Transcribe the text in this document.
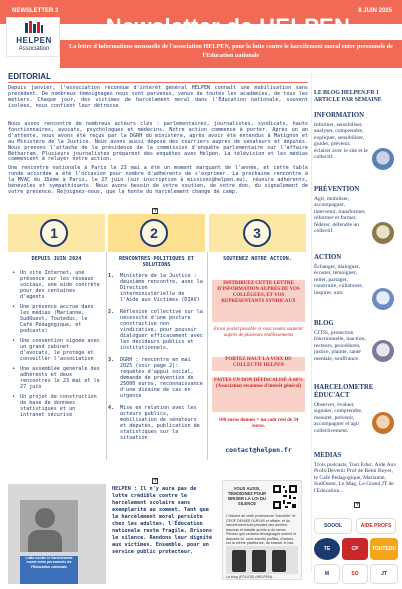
NEWSLETTER 3	8 JUIN 2025
Newsletter de HELPEN
HELPEN
Association	La lettre d'informations mensuelle de l'association HELPEN, pour la lutte contre le harcèlement moral entre personnels de l'Education nationale
EDITORIAL
Depuis janvier, l'association reconnue d'intérêt général HELPEN connaît une mobilisation sans précédent. De nombreux témoignages nous sont parvenus, venus de toutes les académies, de tous les métiers. Chaque jour, des victimes de harcèlement moral dans l'Éducation nationale, souvent isolées, nous confient leur détresse.
Nous avons rencontré de nombreux acteurs clés : parlementaires, journalistes, syndicats, hauts fonctionnaires, avocats, psychologues et médecins. Notre action commence à porter. Après un an d'attente, nous avons été reçus par la DGRH du ministère, après avoir été entendus à Matignon et au Ministère de la Justice. Nous avons aussi déposé des courriers auprès de sénateurs et députés. Nous prenons l'attache de la présidence de la commission d'enquête parlementaire sur l'affaire Bétharram. Plusieurs journalistes préparent des enquêtes avec Helpen. La télévision et les médias commencent à relayer notre action.
Une rencontre nationale à Paris le 23 mai a été un moment marquant de l'année, et cette table ronde accordée a été l'occasion pour nombre d'adhérents de s'exprimer. La prochaine rencontre à la MVAC du 15ème à Paris, le 27 juin (sur inscription à missions@helpen.eu), réunira adhérents, bénévoles et sympathisants. Nous avons besoin de votre soutien, de votre don, du signalement de votre présence. Rejoignez-nous, que la honte du harcèlement change de camp.
+
1	2	3
DEPUIS JUIN 2024	RENCONTRES POLITIQUES ET SOLUTIONS
SOUTENEZ NOTRE ACTION.
• Un site Internet, une présence sur les réseaux sociaux, une aide concrète pour des centaines d'agents
• Une présence accrue dans les médias (Marianne, SudOuest, Touteduc, le Café Pédagogique, et podcasts)
• Une convention signée avec un grand cabinet d'avocats, le protège et conseiller l'association
• Une assemblée générale des adhérents et deux rencontres le 23 mai et le 27 juin
• Un projet de construction de base de données statistiques et un intranet sécurisé
1.	Ministère de la Justice : deuxième rencontre, avec la Direction interministérielle de l'Aide aux Victimes (DIAV)
2.	Réflexion collective sur la nécessité d'une posture constructive non vindicative, pour pouvoir dialoguer efficacement avec les décideurs publics et institutionnels.
3.	DGRH : rencontre en mai 2025 (voir page 2): requêtes d'appui social, demande de prévention de 25000 euros, reconnaissance d'une dizaine de cas en urgence
4.	Mise en relation avec les acteurs publics, mobilisation de sénateurs et députés, publication de statistiques sur la situation
DISTRIBUEZ CETTE LETTRE D'INFORMATION AUPRÈS DE VOS COLLÈGUES, ET VOS REPRÉSENTANTS SYNDICAUX
Envoi postal possible si vous voulez soutenir auprès de plusieurs établissements
PORTEZ HAUT LA VOIX DU COLLECTIF HELPEN
FAITES UN DON DÉFISCALISÉ À 66% (Association reconnue d'intérêt général)
100 euros donnés = un coût réel de 34 euros.
contact@helpen.fr
+
Lutte contre le harcèlement moral entre personnels de l'Education nationale
HELPEN : Il n'y aura pas de lutte crédible contre le harcèlement scolaire sans exemplarité au sommet. Tant que le harcèlement moral persiste chez les adultes, l'Éducation nationale reste fragile. Brisons le silence. Rendons leur dignité aux victimes. Ensemble, pour un service public protecteur.
VOUS AUSSI, TÉMOIGNEZ POUR BRISER LA LOI DU SILENCE
L'histoire de cette professeure "harcelée" et CPOF DENISE DUPUIS et affaire, et du harcèlement subi pendant des années, traumas et bataille qu'elle a dû mener. Pensez que certains témoignages sortent et déposés ici, sans inscrits profilés, d'autres, sur la même plateforme, de brasser le bas
Le blog (FOLIOS) (HELPEN)...
LE BLOG HELPEN.FR 1 ARTICLE PAR SEMAINE
INFORMATION
Informer, sensibiliser, analyser, comprendre, expliquer, sensibiliser, guider, prévenir, éclairer avec le site et le collectif.
PRÉVENTION
Agir, mobiliser, accompagner, intervenir, transformer, réformer et former, fédérer, défendre un collectif.
ACTION
Échanger, dialoguer, écouter, témoigner, relier, partager, construire, collaborer, inspirer, unir.
BLOG
CITIS, protection fonctionnelle, inaction, recteurs, procédures, justice, plainte, santé mentale, souffrance.
HARCELOMETRE ÉDUC'ACT
Observer, évaluer, signaler, comprendre, mesurer, prévenir, accompagner et agir collectivement.
MEDIAS
Trois podcasts, Tout Educ, Aide Aux Profs/Devenir Prof de Rémi Boyer, le Café Pédagogique, Marianne, SudOuest, Le Mag, Le Grand JT de l'Education…
+
SOOOL	AIDE PROFS
TE	CP	TOUTEDU
M	SO	JT
